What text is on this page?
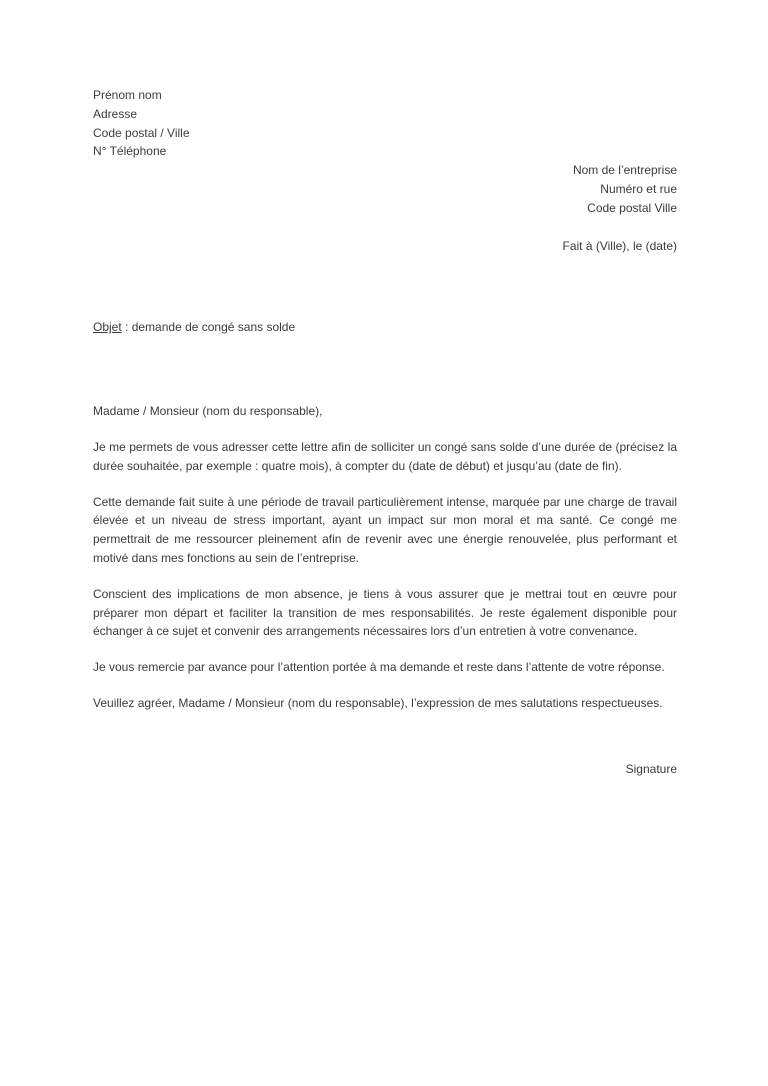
Prénom nom
Adresse
Code postal / Ville
N° Téléphone
Nom de l’entreprise
Numéro et rue
Code postal Ville
Fait à (Ville), le (date)
Objet : demande de congé sans solde
Madame / Monsieur (nom du responsable),
Je me permets de vous adresser cette lettre afin de solliciter un congé sans solde d’une durée de (précisez la durée souhaitée, par exemple : quatre mois), à compter du (date de début) et jusqu’au (date de fin).
Cette demande fait suite à une période de travail particulièrement intense, marquée par une charge de travail élevée et un niveau de stress important, ayant un impact sur mon moral et ma santé. Ce congé me permettrait de me ressourcer pleinement afin de revenir avec une énergie renouvelée, plus performant et motivé dans mes fonctions au sein de l’entreprise.
Conscient des implications de mon absence, je tiens à vous assurer que je mettrai tout en œuvre pour préparer mon départ et faciliter la transition de mes responsabilités. Je reste également disponible pour échanger à ce sujet et convenir des arrangements nécessaires lors d’un entretien à votre convenance.
Je vous remercie par avance pour l’attention portée à ma demande et reste dans l’attente de votre réponse.
Veuillez agréer, Madame / Monsieur (nom du responsable), l’expression de mes salutations respectueuses.
Signature
